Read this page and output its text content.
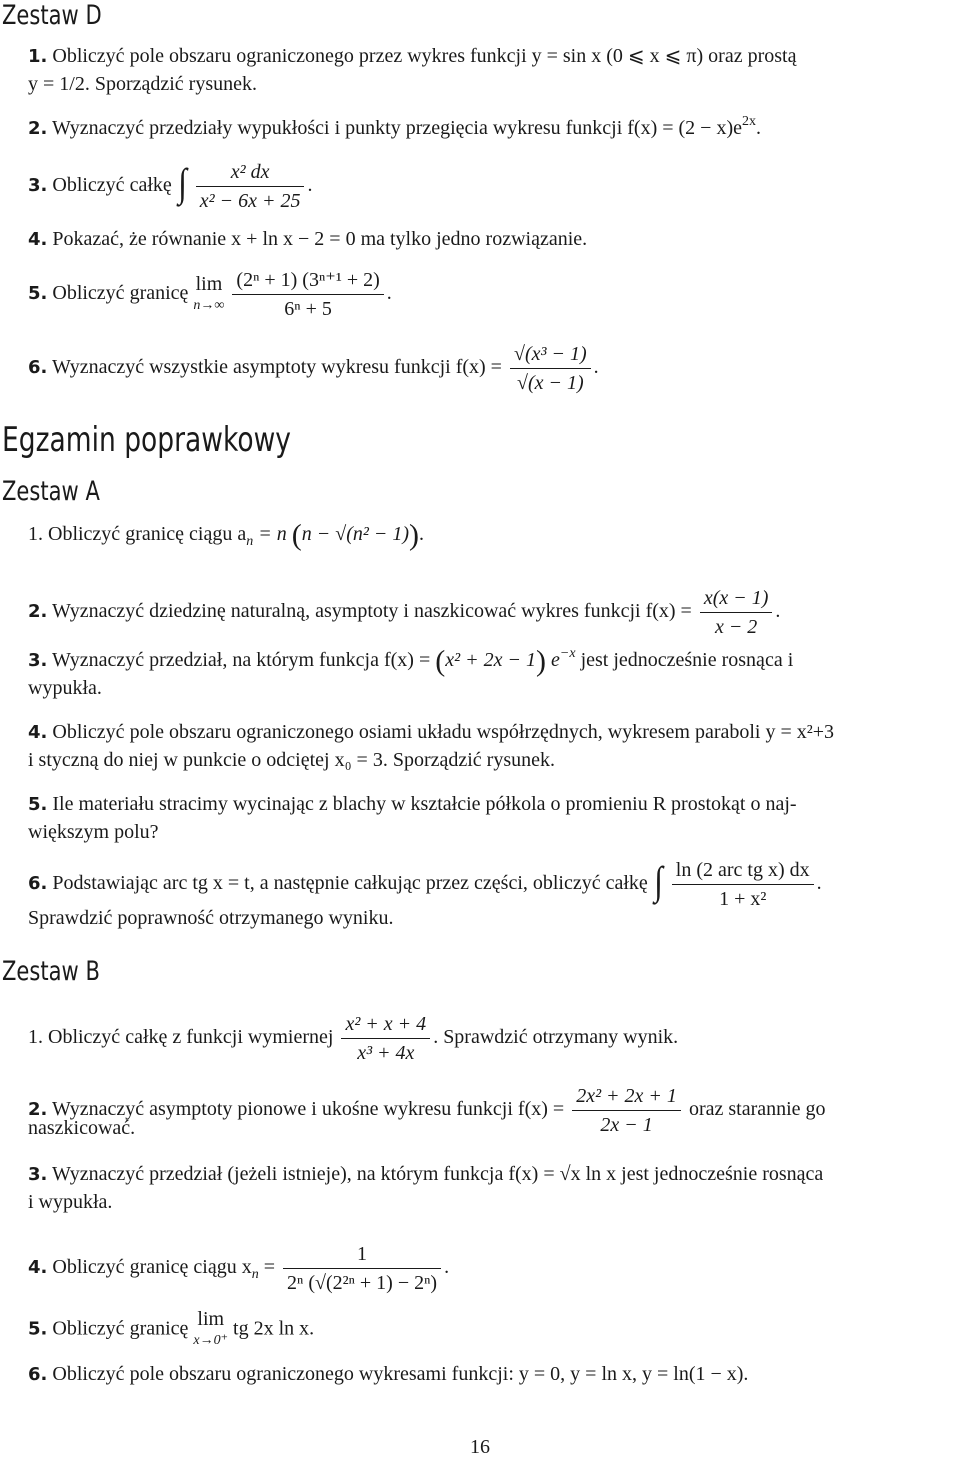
Zestaw D
1. Obliczyć pole obszaru ograniczonego przez wykres funkcji y = sin x (0 ⩽ x ⩽ π) oraz prostą
y = 1/2. Sporządzić rysunek.
2. Wyznaczyć przedziały wypukłości i punkty przegięcia wykresu funkcji $f(x) = (2 - x)e^{2x}$.
3. Obliczyć całkę ∫ $\frac{\text{x² dx}}{\text{x² − 6x + 25}}$ .
4. Pokazać, że równanie x + ln x − 2 = 0 ma tylko jedno rozwiązanie.
5. Obliczyć granicę lim
n→∞
$\frac{\text{(2ⁿ + 1) (3ⁿ⁺¹ + 2)}}{\text{6ⁿ + 5}}$ .
6. Wyznaczyć wszystkie asymptoty wykresu funkcji $f(x) = \frac{\text{√(x³ − 1)}}{√(x - 1)}$ .
Egzamin poprawkowy
Zestaw A
1. Obliczyć granicę ciągu $a_n = n$ (n − √(n² − 1)).
2. Wyznaczyć dziedzinę naturalną, asymptoty i naszkicować wykres funkcji $f(x) = \frac{x(x - 1)}{x - 2}$ .
3. Wyznaczyć przedział, na którym funkcja f(x) = (x² + 2x − 1) $e^{-x}$ jest jednocześnie rosnąca i
wypukła.
4. Obliczyć pole obszaru ograniczonego osiami układu współrzędnych, wykresem paraboli y = x²+3
i styczną do niej w punkcie o odciętej x₀ = 3. Sporządzić rysunek.
5. Ile materiału stracimy wycinając z blachy w kształcie półkola o promieniu R prostokąt o naj-
większym polu?
6. Podstawiając arc tg x = t, a następnie całkując przez części, obliczyć całkę ∫ $\frac{\text{ln (2 arc tg x) dx}}{\text{1 + x²}}$ .
Sprawdzić poprawność otrzymanego wyniku.
Zestaw B
1. Obliczyć całkę z funkcji wymiernej $\frac{\text{x² + x + 4}}{\text{x³ + 4x}}$ . Sprawdzić otrzymany wynik.
2. Wyznaczyć asymptoty pionowe i ukośne wykresu funkcji $f(x) = \frac{\text{2x² + 2x + 1}}{2x - 1}$ oraz starannie go
naszkicować.
3. Wyznaczyć przedział (jeżeli istnieje), na którym funkcja f(x) = √x ln x jest jednocześnie rosnąca
i wypukła.
4. Obliczyć granicę ciągu $x_n = \frac{1}{\text{2ⁿ (√(2²ⁿ + 1) − 2ⁿ)}}$ .
5. Obliczyć granicę lim
x→0⁺
tg 2x ln x.
6. Obliczyć pole obszaru ograniczonego wykresami funkcji: y = 0, y = ln x, y = ln(1 − x).
16
